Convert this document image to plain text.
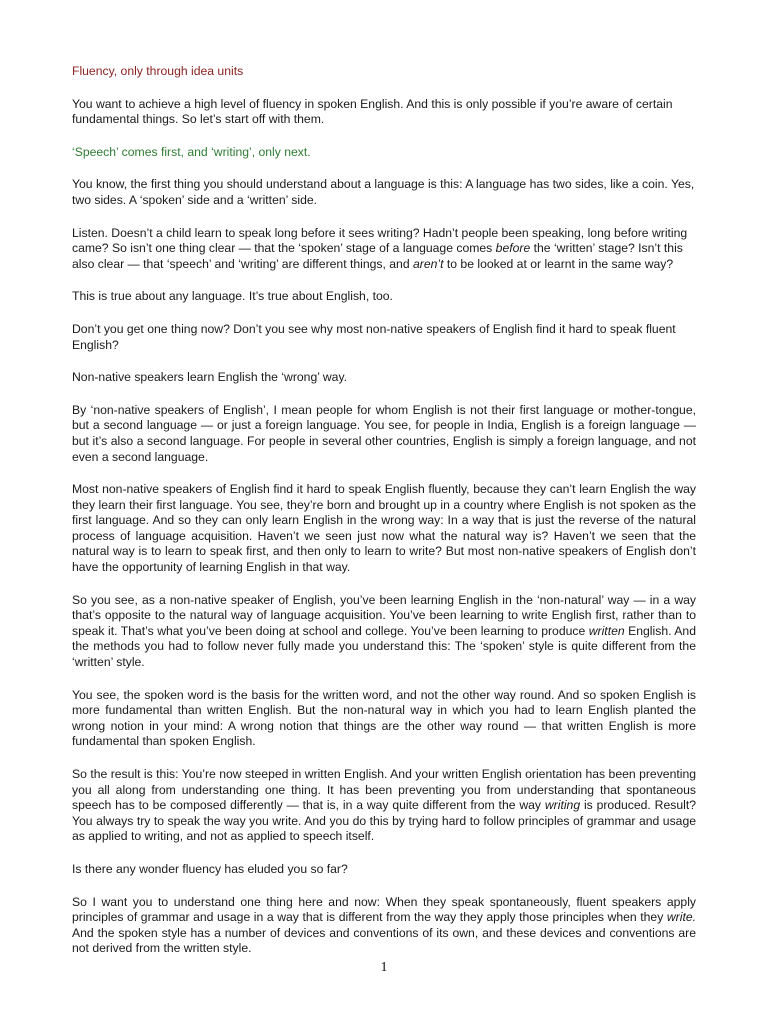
Fluency, only through idea units

You want to achieve a high level of fluency in spoken English. And this is only possible if you’re aware of certain fundamental things. So let’s start off with them.

‘Speech’ comes first, and ‘writing’, only next.

You know, the first thing you should understand about a language is this: A language has two sides, like a coin. Yes, two sides. A ‘spoken’ side and a ‘written’ side.

Listen. Doesn’t a child learn to speak long before it sees writing? Hadn’t people been speaking, long before writing came? So isn’t one thing clear — that the ‘spoken’ stage of a language comes before the ‘written’ stage? Isn’t this also clear — that ‘speech’ and ‘writing’ are different things, and aren’t to be looked at or learnt in the same way?

This is true about any language. It’s true about English, too.

Don’t you get one thing now? Don’t you see why most non-native speakers of English find it hard to speak fluent English?

Non-native speakers learn English the ‘wrong’ way.

By ‘non-native speakers of English’, I mean people for whom English is not their first language or mother-tongue, but a second language — or just a foreign language. You see, for people in India, English is a foreign language — but it’s also a second language. For people in several other countries, English is simply a foreign language, and not even a second language.

Most non-native speakers of English find it hard to speak English fluently, because they can’t learn English the way they learn their first language. You see, they’re born and brought up in a country where English is not spoken as the first language. And so they can only learn English in the wrong way: In a way that is just the reverse of the natural process of language acquisition. Haven’t we seen just now what the natural way is? Haven’t we seen that the natural way is to learn to speak first, and then only to learn to write? But most non-native speakers of English don’t have the opportunity of learning English in that way.

So you see, as a non-native speaker of English, you’ve been learning English in the ‘non-natural’ way — in a way that’s opposite to the natural way of language acquisition. You’ve been learning to write English first, rather than to speak it. That’s what you’ve been doing at school and college. You’ve been learning to produce written English. And the methods you had to follow never fully made you understand this: The ‘spoken’ style is quite different from the ‘written’ style.

You see, the spoken word is the basis for the written word, and not the other way round. And so spoken English is more fundamental than written English. But the non-natural way in which you had to learn English planted the wrong notion in your mind: A wrong notion that things are the other way round — that written English is more fundamental than spoken English.

So the result is this: You’re now steeped in written English. And your written English orientation has been preventing you all along from understanding one thing. It has been preventing you from understanding that spontaneous speech has to be composed differently — that is, in a way quite different from the way writing is produced. Result? You always try to speak the way you write. And you do this by trying hard to follow principles of grammar and usage as applied to writing, and not as applied to speech itself.

Is there any wonder fluency has eluded you so far?

So I want you to understand one thing here and now: When they speak spontaneously, fluent speakers apply principles of grammar and usage in a way that is different from the way they apply those principles when they write. And the spoken style has a number of devices and conventions of its own, and these devices and conventions are not derived from the written style.

1
